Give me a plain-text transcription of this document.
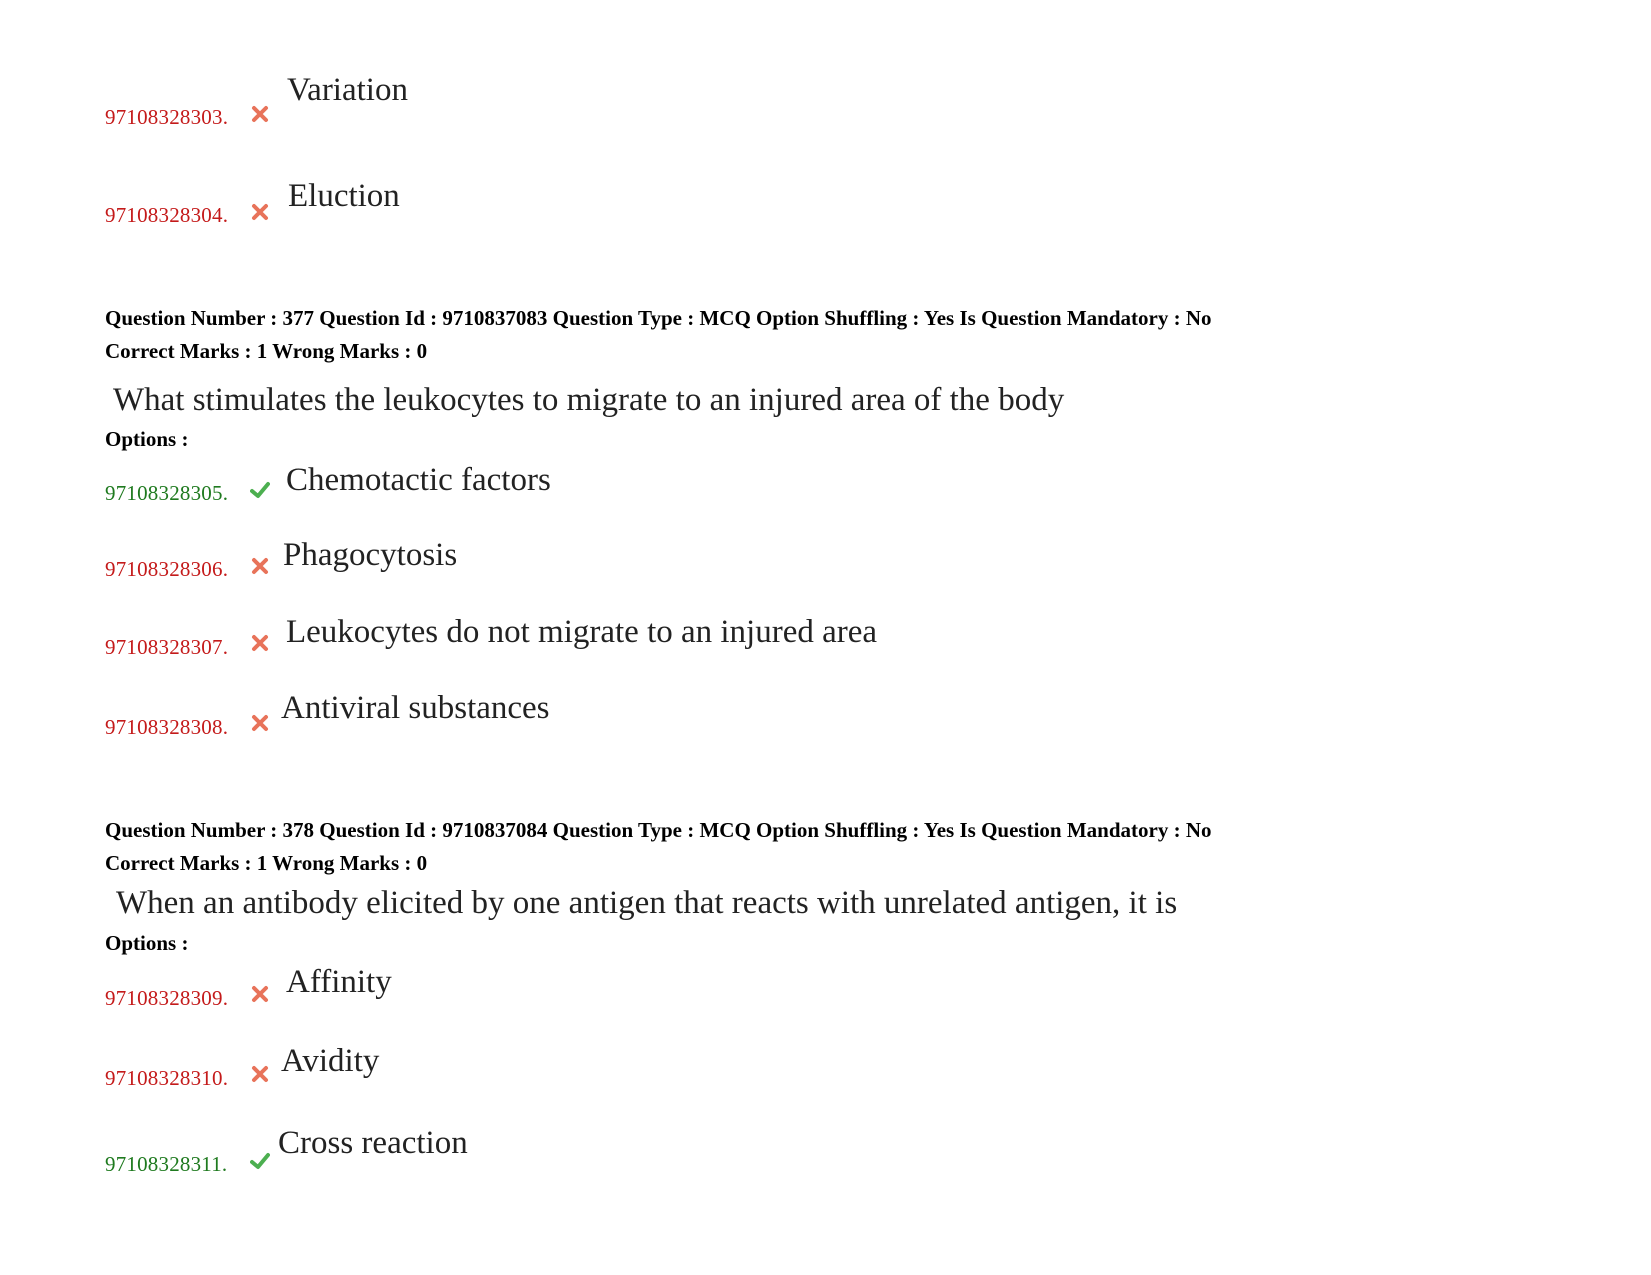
97108328303.
Variation
97108328304.
Eluction
Question Number : 377 Question Id : 9710837083 Question Type : MCQ Option Shuffling : Yes Is Question Mandatory : No
Correct Marks : 1 Wrong Marks : 0
What stimulates the leukocytes to migrate to an injured area of the body
Options :
97108328305. Chemotactic factors
97108328306. Phagocytosis
97108328307. Leukocytes do not migrate to an injured area
97108328308.
Antiviral substances
Question Number : 378 Question Id : 9710837084 Question Type : MCQ Option Shuffling : Yes Is Question Mandatory : No
Correct Marks : 1 Wrong Marks : 0
When an antibody elicited by one antigen that reacts with unrelated antigen, it is
Options :
97108328309. Affinity
97108328310. Avidity
97108328311.
Cross reaction
